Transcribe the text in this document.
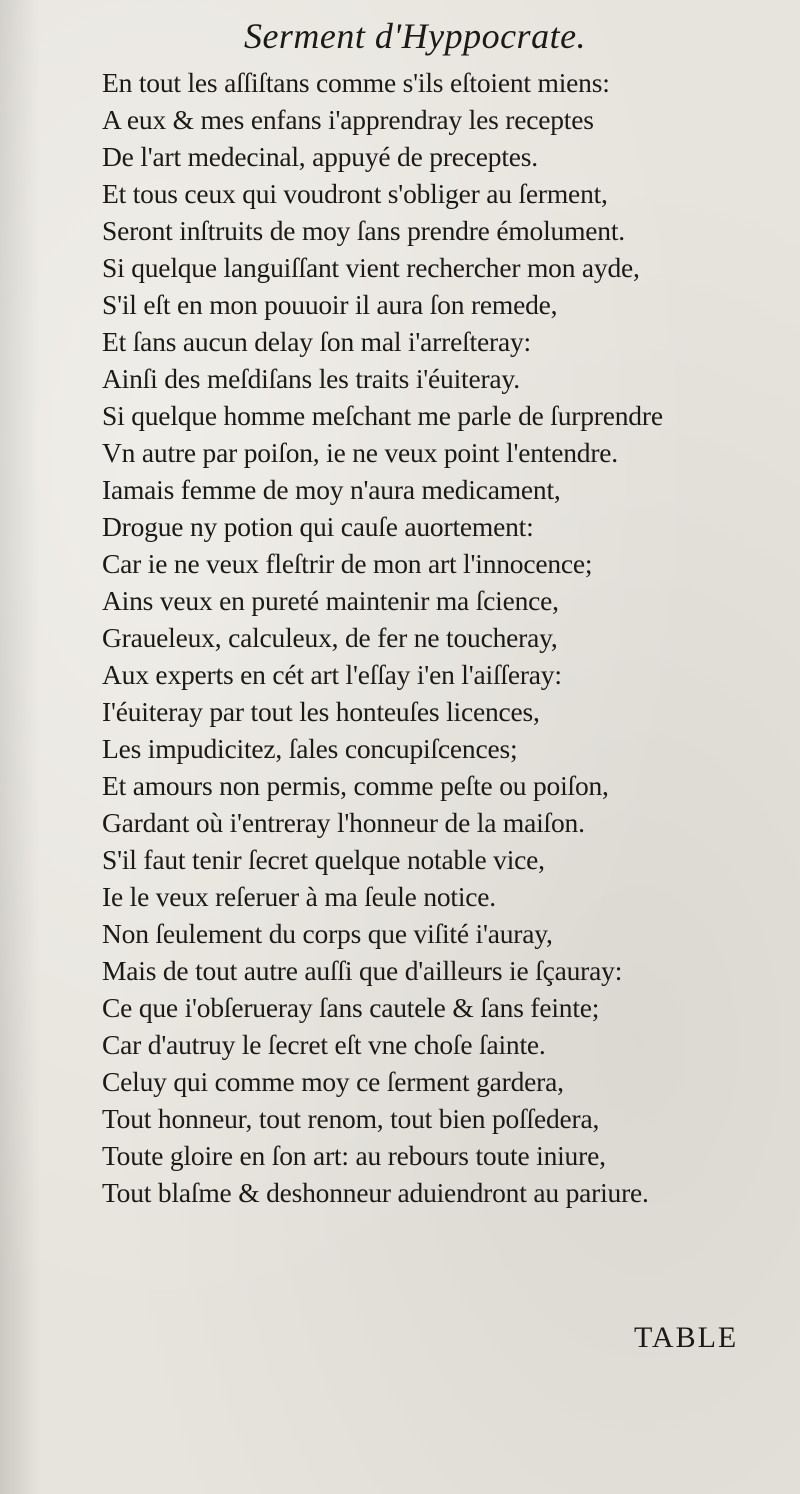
Serment d'Hyppocrate.
En tout les aſſiſtans comme s'ils eſtoient miens:
A eux & mes enfans i'apprendray les receptes
De l'art medecinal, appuyé de preceptes.
Et tous ceux qui voudront s'obliger au ſerment,
Seront inſtruits de moy ſans prendre émolument.
Si quelque languiſſant vient rechercher mon ayde,
S'il eſt en mon pouuoir il aura ſon remede,
Et ſans aucun delay ſon mal i'arreſteray:
Ainſi des meſdiſans les traits i'éuiteray.
Si quelque homme meſchant me parle de ſurprendre
Vn autre par poiſon, ie ne veux point l'entendre.
Iamais femme de moy n'aura medicament,
Drogue ny potion qui cauſe auortement:
Car ie ne veux fleſtrir de mon art l'innocence;
Ains veux en pureté maintenir ma ſcience,
Graueleux, calculeux, de fer ne toucheray,
Aux experts en cét art l'eſſay i'en l'aiſſeray:
I'éuiteray par tout les honteuſes licences,
Les impudicitez, ſales concupiſcences;
Et amours non permis, comme peſte ou poiſon,
Gardant où i'entreray l'honneur de la maiſon.
S'il faut tenir ſecret quelque notable vice,
Ie le veux reſeruer à ma ſeule notice.
Non ſeulement du corps que viſité i'auray,
Mais de tout autre auſſi que d'ailleurs ie ſçauray:
Ce que i'obſerueray ſans cautele & ſans feinte;
Car d'autruy le ſecret eſt vne choſe ſainte.
Celuy qui comme moy ce ſerment gardera,
Tout honneur, tout renom, tout bien poſſedera,
Toute gloire en ſon art: au rebours toute iniure,
Tout blaſme & deshonneur aduiendront au pariure.
TABLE
